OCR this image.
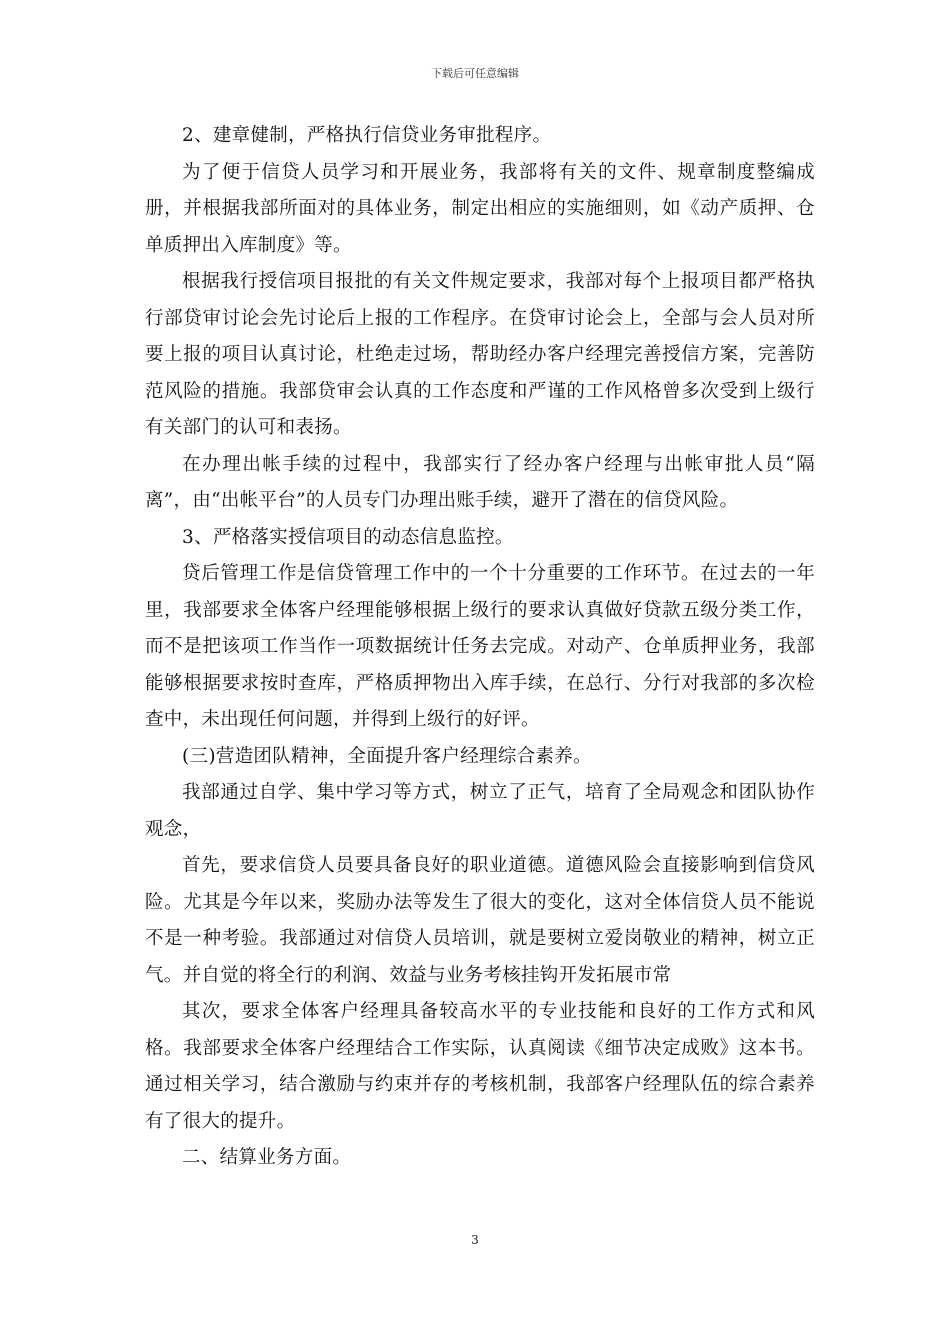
下载后可任意编辑

2、建章健制，严格执行信贷业务审批程序。

为了便于信贷人员学习和开展业务，我部将有关的文件、规章制度整编成册，并根据我部所面对的具体业务，制定出相应的实施细则，如《动产质押、仓单质押出入库制度》等。

根据我行授信项目报批的有关文件规定要求，我部对每个上报项目都严格执行部贷审讨论会先讨论后上报的工作程序。在贷审讨论会上，全部与会人员对所要上报的项目认真讨论，杜绝走过场，帮助经办客户经理完善授信方案，完善防范风险的措施。我部贷审会认真的工作态度和严谨的工作风格曾多次受到上级行有关部门的认可和表扬。

在办理出帐手续的过程中，我部实行了经办客户经理与出帐审批人员“隔离”，由“出帐平台”的人员专门办理出账手续，避开了潜在的信贷风险。

3、严格落实授信项目的动态信息监控。

贷后管理工作是信贷管理工作中的一个十分重要的工作环节。在过去的一年里，我部要求全体客户经理能够根据上级行的要求认真做好贷款五级分类工作，而不是把该项工作当作一项数据统计任务去完成。对动产、仓单质押业务，我部能够根据要求按时查库，严格质押物出入库手续，在总行、分行对我部的多次检查中，未出现任何问题，并得到上级行的好评。

(三)营造团队精神，全面提升客户经理综合素养。

我部通过自学、集中学习等方式，树立了正气，培育了全局观念和团队协作观念，

首先，要求信贷人员要具备良好的职业道德。道德风险会直接影响到信贷风险。尤其是今年以来，奖励办法等发生了很大的变化，这对全体信贷人员不能说不是一种考验。我部通过对信贷人员培训，就是要树立爱岗敬业的精神，树立正气。并自觉的将全行的利润、效益与业务考核挂钩开发拓展市常

其次，要求全体客户经理具备较高水平的专业技能和良好的工作方式和风格。我部要求全体客户经理结合工作实际，认真阅读《细节决定成败》这本书。通过相关学习，结合激励与约束并存的考核机制，我部客户经理队伍的综合素养有了很大的提升。

二、结算业务方面。

3
